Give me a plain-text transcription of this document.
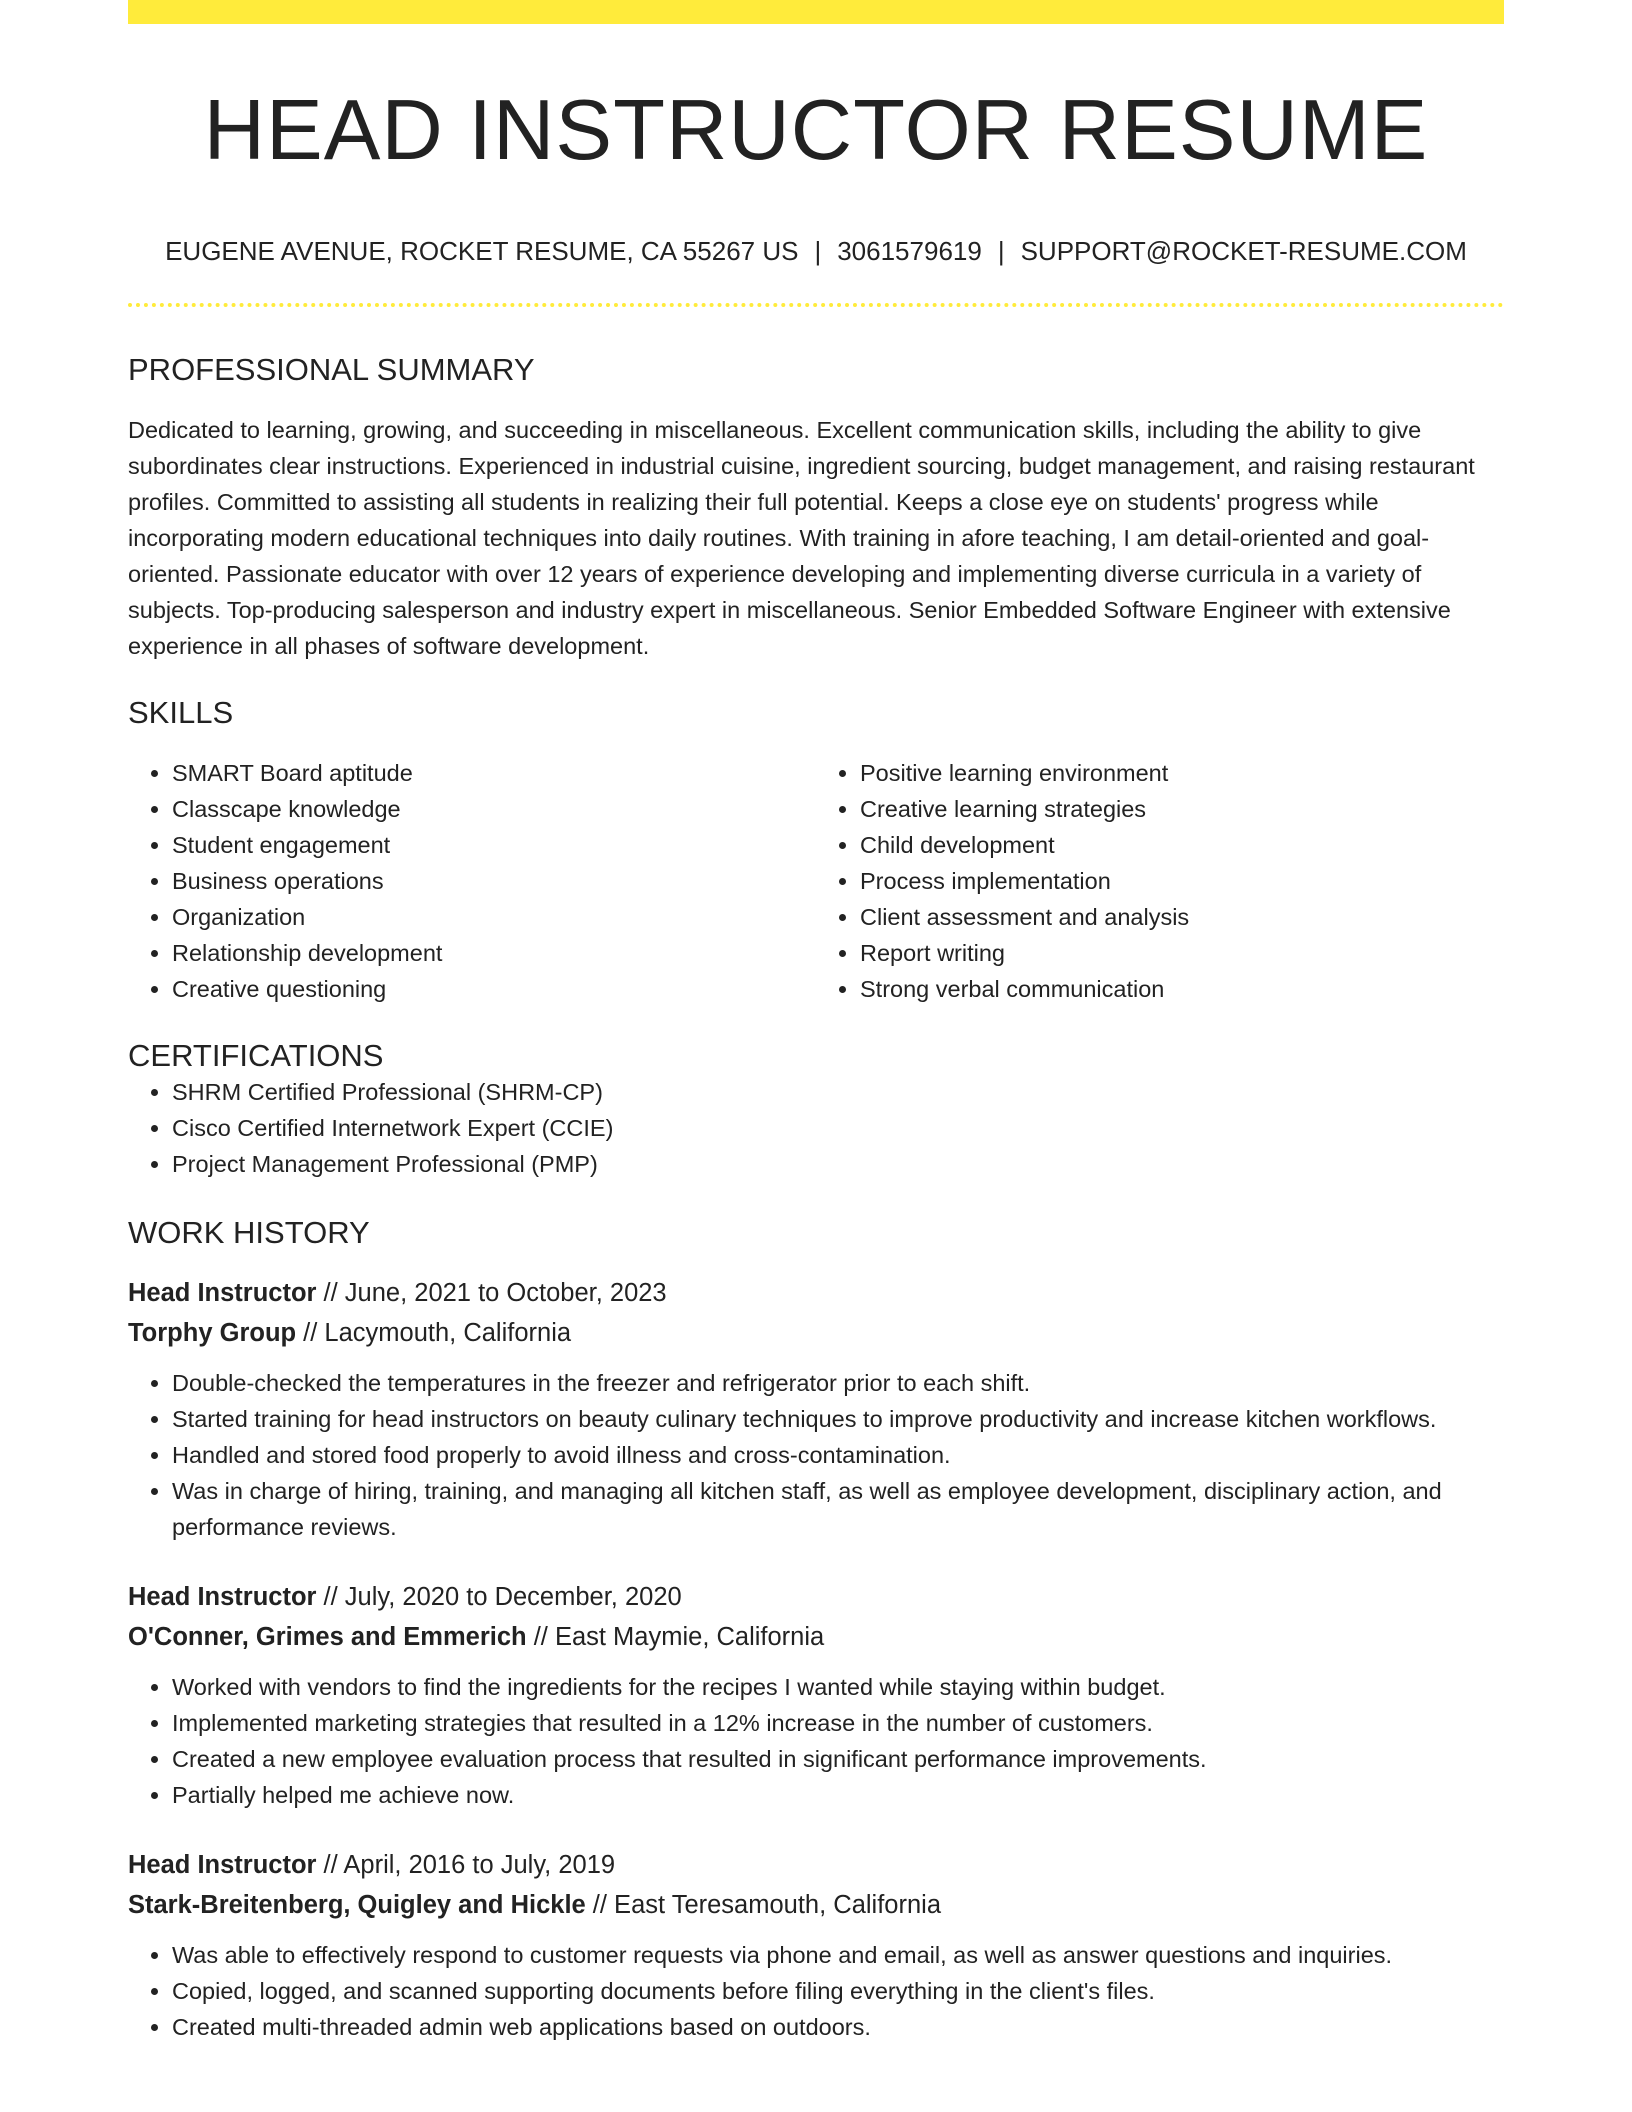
HEAD INSTRUCTOR RESUME
EUGENE AVENUE, ROCKET RESUME, CA 55267 US | 3061579619 | SUPPORT@ROCKET-RESUME.COM
PROFESSIONAL SUMMARY

Dedicated to learning, growing, and succeeding in miscellaneous. Excellent communication skills, including the ability to give subordinates clear instructions. Experienced in industrial cuisine, ingredient sourcing, budget management, and raising restaurant profiles. Committed to assisting all students in realizing their full potential. Keeps a close eye on students' progress while incorporating modern educational techniques into daily routines. With training in afore teaching, I am detail-oriented and goal-oriented. Passionate educator with over 12 years of experience developing and implementing diverse curricula in a variety of subjects. Top-producing salesperson and industry expert in miscellaneous. Senior Embedded Software Engineer with extensive experience in all phases of software development.

SKILLS
• SMART Board aptitude
• Classcape knowledge
• Student engagement
• Business operations
• Organization
• Relationship development
• Creative questioning
• Positive learning environment
• Creative learning strategies
• Child development
• Process implementation
• Client assessment and analysis
• Report writing
• Strong verbal communication
CERTIFICATIONS
• SHRM Certified Professional (SHRM-CP)
• Cisco Certified Internetwork Expert (CCIE)
• Project Management Professional (PMP)
WORK HISTORY
Head Instructor // June, 2021 to October, 2023
Torphy Group // Lacymouth, California
• Double-checked the temperatures in the freezer and refrigerator prior to each shift.
• Started training for head instructors on beauty culinary techniques to improve productivity and increase kitchen workflows.
• Handled and stored food properly to avoid illness and cross-contamination.
• Was in charge of hiring, training, and managing all kitchen staff, as well as employee development, disciplinary action, and performance reviews.
Head Instructor // July, 2020 to December, 2020
O'Conner, Grimes and Emmerich // East Maymie, California
• Worked with vendors to find the ingredients for the recipes I wanted while staying within budget.
• Implemented marketing strategies that resulted in a 12% increase in the number of customers.
• Created a new employee evaluation process that resulted in significant performance improvements.
• Partially helped me achieve now.
Head Instructor // April, 2016 to July, 2019
Stark-Breitenberg, Quigley and Hickle // East Teresamouth, California
• Was able to effectively respond to customer requests via phone and email, as well as answer questions and inquiries.
• Copied, logged, and scanned supporting documents before filing everything in the client's files.
• Created multi-threaded admin web applications based on outdoors.
